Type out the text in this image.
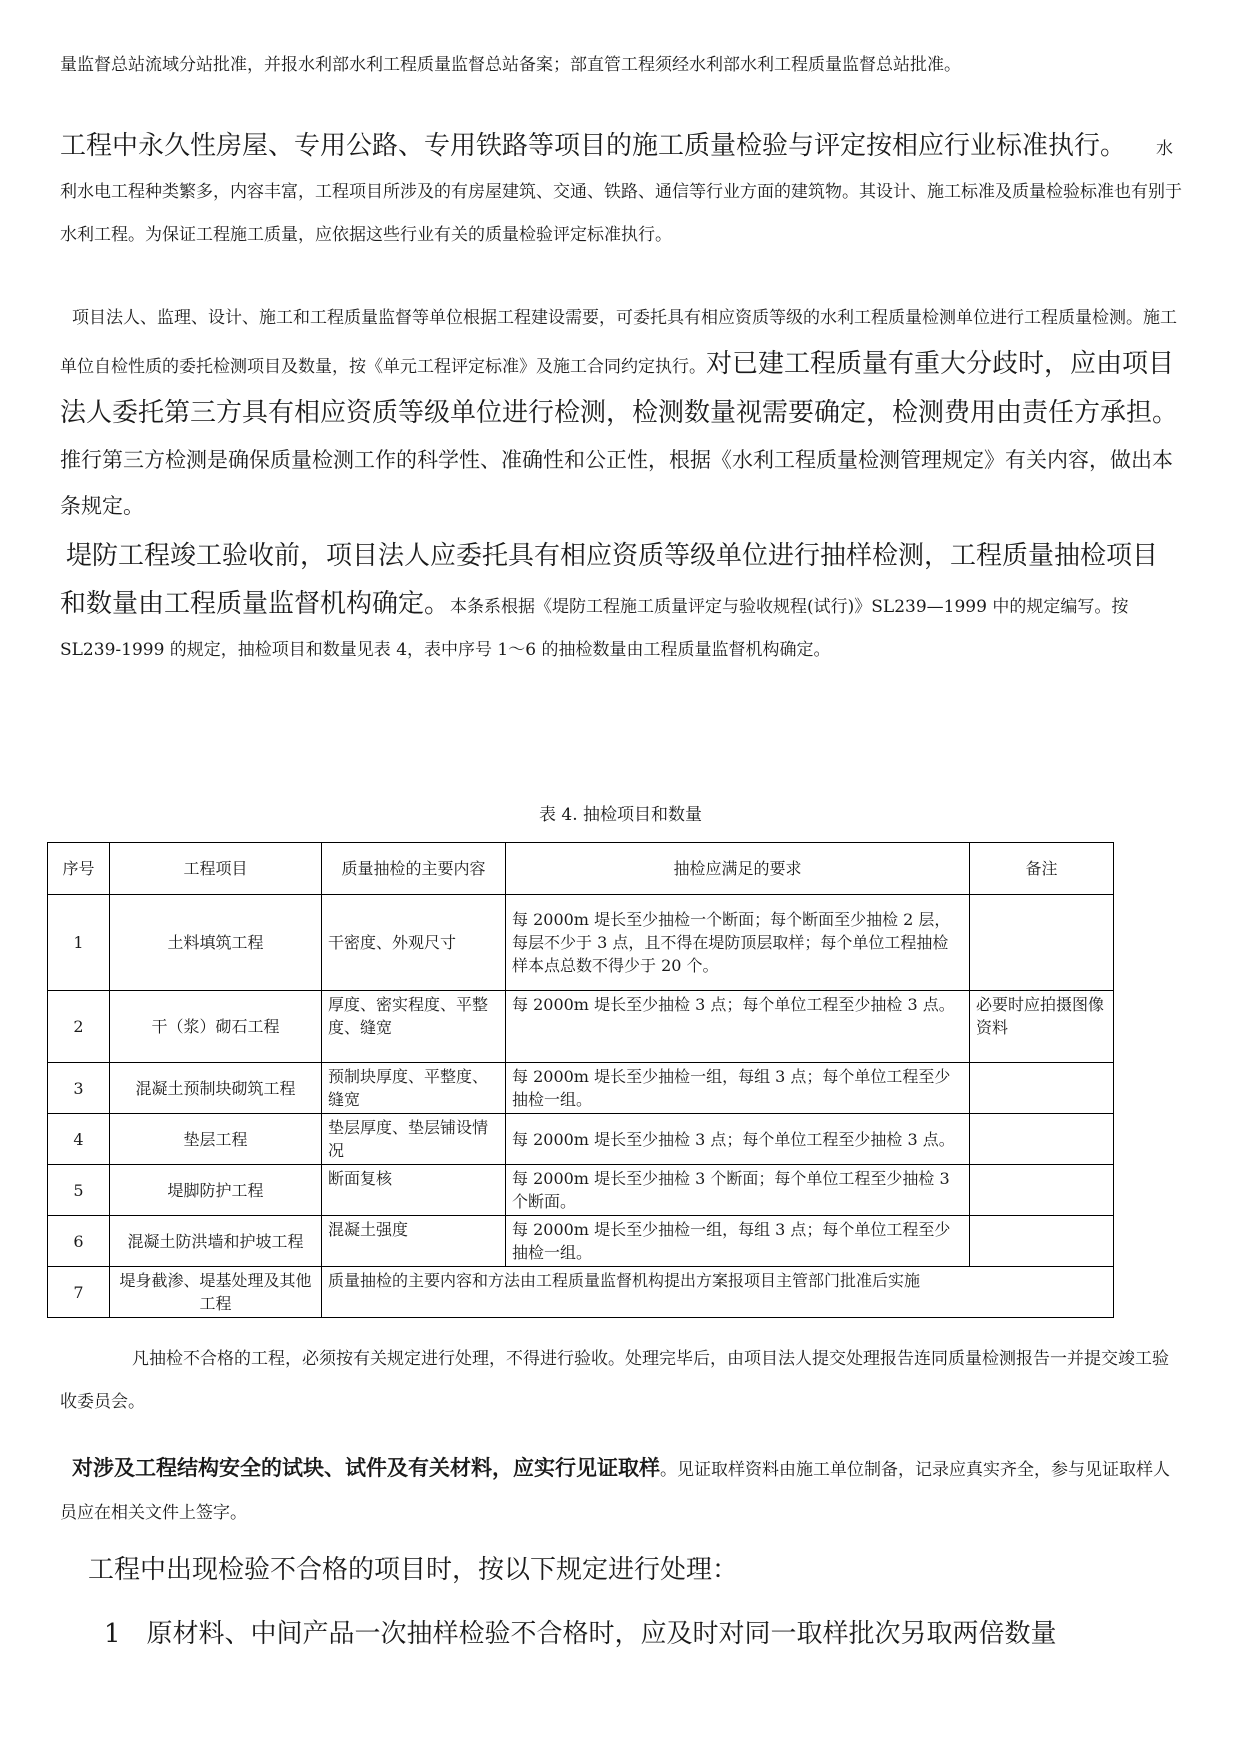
量监督总站流域分站批准，并报水利部水利工程质量监督总站备案；部直管工程须经水利部水利工程质量监督总站批准。

工程中永久性房屋、专用公路、专用铁路等项目的施工质量检验与评定按相应行业标准执行。 水利水电工程种类繁多，内容丰富，工程项目所涉及的有房屋建筑、交通、铁路、通信等行业方面的建筑物。其设计、施工标准及质量检验标准也有别于水利工程。为保证工程施工质量，应依据这些行业有关的质量检验评定标准执行。

项目法人、监理、设计、施工和工程质量监督等单位根据工程建设需要，可委托具有相应资质等级的水利工程质量检测单位进行工程质量检测。施工单位自检性质的委托检测项目及数量，按《单元工程评定标准》及施工合同约定执行。对已建工程质量有重大分歧时，应由项目法人委托第三方具有相应资质等级单位进行检测，检测数量视需要确定，检测费用由责任方承担。推行第三方检测是确保质量检测工作的科学性、准确性和公正性，根据《水利工程质量检测管理规定》有关内容，做出本条规定。

堤防工程竣工验收前，项目法人应委托具有相应资质等级单位进行抽样检测，工程质量抽检项目和数量由工程质量监督机构确定。本条系根据《堤防工程施工质量评定与验收规程(试行)》SL239—1999 中的规定编写。按 SL239-1999 的规定，抽检项目和数量见表 4，表中序号 1～6 的抽检数量由工程质量监督机构确定。

表 4. 抽检项目和数量
序号	工程项目	质量抽检的主要内容	抽检应满足的要求	备注
1	土料填筑工程	干密度、外观尺寸	每 2000m 堤长至少抽检一个断面；每个断面至少抽检 2 层，每层不少于 3 点，且不得在堤防顶层取样；每个单位工程抽检样本点总数不得少于 20 个。	
2	干（浆）砌石工程	厚度、密实程度、平整度、缝宽	每 2000m 堤长至少抽检 3 点；每个单位工程至少抽检 3 点。	必要时应拍摄图像资料
3	混凝土预制块砌筑工程	预制块厚度、平整度、缝宽	每 2000m 堤长至少抽检一组，每组 3 点；每个单位工程至少抽检一组。	
4	垫层工程	垫层厚度、垫层铺设情况	每 2000m 堤长至少抽检 3 点；每个单位工程至少抽检 3 点。	
5	堤脚防护工程	断面复核	每 2000m 堤长至少抽检 3 个断面；每个单位工程至少抽检 3 个断面。	
6	混凝土防洪墙和护坡工程	混凝土强度	每 2000m 堤长至少抽检一组，每组 3 点；每个单位工程至少抽检一组。	
7	堤身截渗、堤基处理及其他工程	质量抽检的主要内容和方法由工程质量监督机构提出方案报项目主管部门批准后实施		

凡抽检不合格的工程，必须按有关规定进行处理，不得进行验收。处理完毕后，由项目法人提交处理报告连同质量检测报告一并提交竣工验收委员会。

对涉及工程结构安全的试块、试件及有关材料，应实行见证取样。见证取样资料由施工单位制备，记录应真实齐全，参与见证取样人员应在相关文件上签字。

工程中出现检验不合格的项目时，按以下规定进行处理：

1　原材料、中间产品一次抽样检验不合格时，应及时对同一取样批次另取两倍数量
